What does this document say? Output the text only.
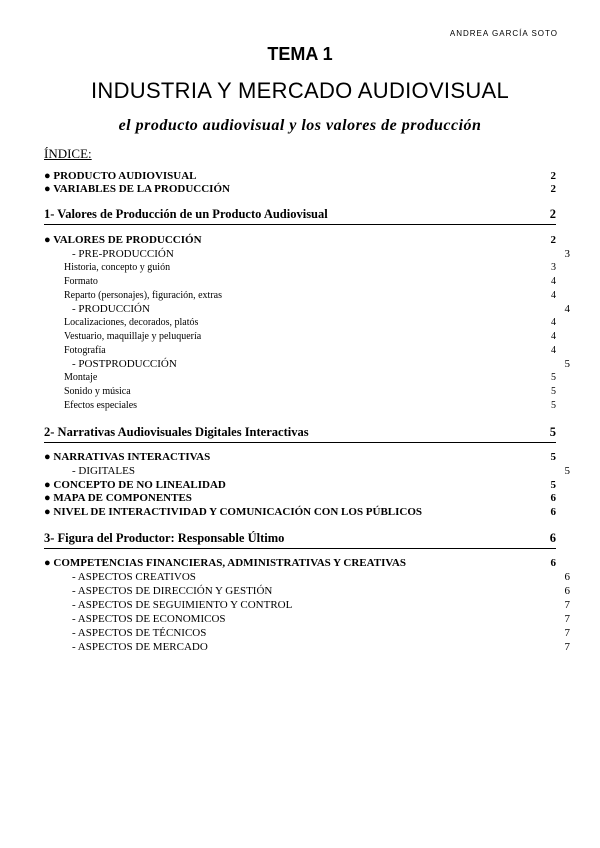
ANDREA GARCÍA SOTO
TEMA 1
INDUSTRIA Y MERCADO AUDIOVISUAL
el producto audiovisual y los valores de producción
ÍNDICE:
● PRODUCTO AUDIOVISUAL	2
● VARIABLES DE LA PRODUCCIÓN	2
1- Valores de Producción de un Producto Audiovisual	2
● VALORES DE PRODUCCIÓN	2
- PRE-PRODUCCIÓN	3
Historia, concepto y guión	3
Formato	4
Reparto (personajes), figuración, extras	4
- PRODUCCIÓN	4
Localizaciones, decorados, platós	4
Vestuario, maquillaje y peluquería	4
Fotografía	4
- POSTPRODUCCIÓN	5
Montaje	5
Sonido y música	5
Efectos especiales	5
2- Narrativas Audiovisuales Digitales Interactivas	5
● NARRATIVAS INTERACTIVAS	5
- DIGITALES	5
● CONCEPTO DE NO LINEALIDAD	5
● MAPA DE COMPONENTES	6
● NIVEL DE INTERACTIVIDAD Y COMUNICACIÓN CON LOS PÚBLICOS	6
3- Figura del Productor: Responsable Último	6
● COMPETENCIAS FINANCIERAS, ADMINISTRATIVAS Y CREATIVAS	6
- ASPECTOS CREATIVOS	6
- ASPECTOS DE DIRECCIÓN Y GESTIÓN	6
- ASPECTOS DE SEGUIMIENTO Y CONTROL	7
- ASPECTOS DE ECONOMICOS	7
- ASPECTOS DE TÉCNICOS	7
- ASPECTOS DE MERCADO	7
